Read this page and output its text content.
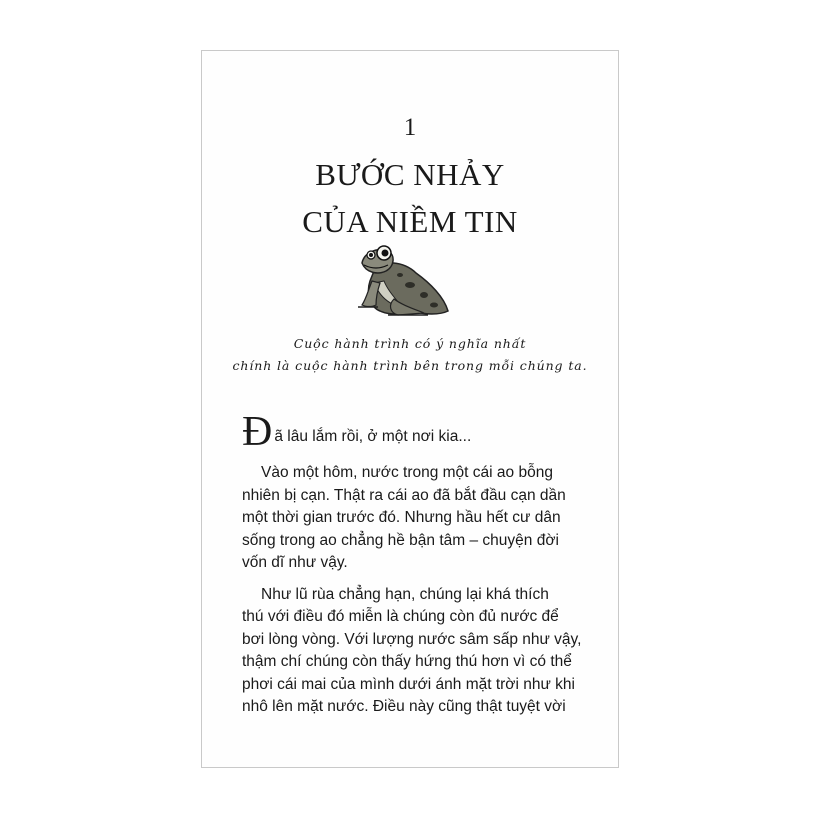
1
BƯỚC NHẢY
CỦA NIỀM TIN
Cuộc hành trình có ý nghĩa nhất
chính là cuộc hành trình bên trong mỗi chúng ta.
Đã lâu lắm rồi, ở một nơi kia...
Vào một hôm, nước trong một cái ao bỗng
nhiên bị cạn. Thật ra cái ao đã bắt đầu cạn dần
một thời gian trước đó. Nhưng hầu hết cư dân
sống trong ao chẳng hề bận tâm – chuyện đời
vốn dĩ như vậy.
Như lũ rùa chẳng hạn, chúng lại khá thích
thú với điều đó miễn là chúng còn đủ nước để
bơi lòng vòng. Với lượng nước sâm sấp như vậy,
thậm chí chúng còn thấy hứng thú hơn vì có thể
phơi cái mai của mình dưới ánh mặt trời như khi
nhô lên mặt nước. Điều này cũng thật tuyệt vời
